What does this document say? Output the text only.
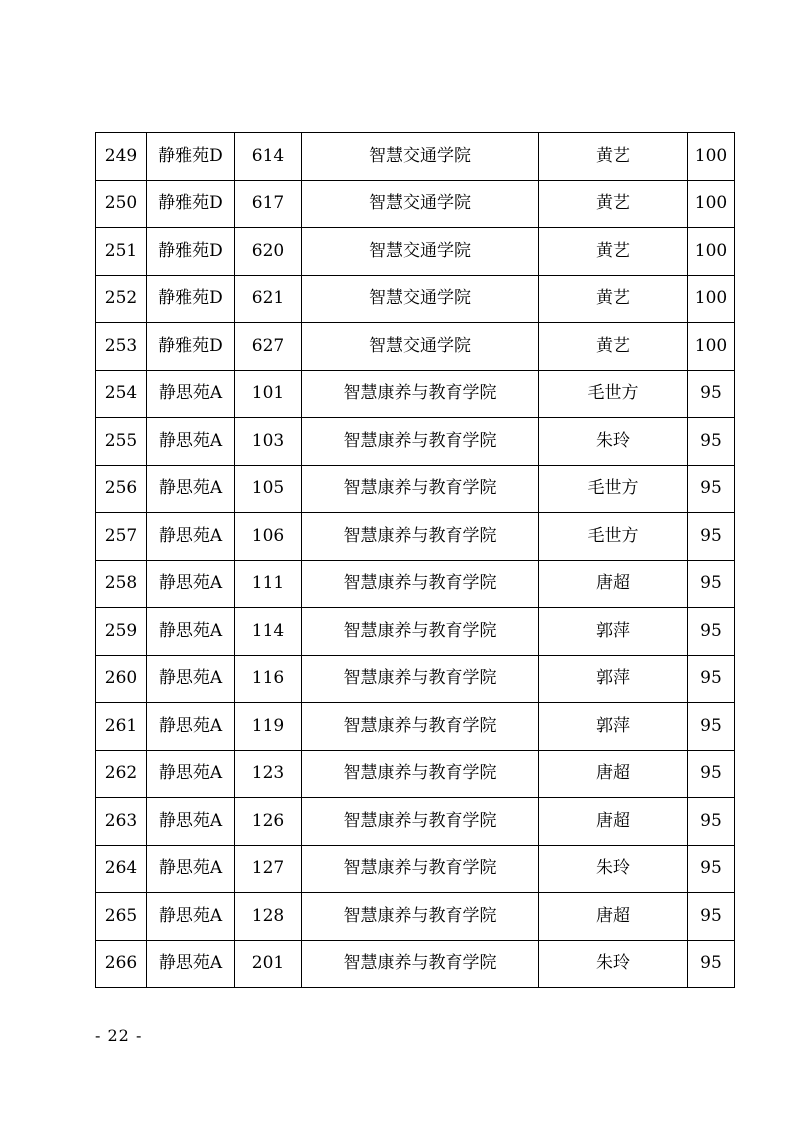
249	静雅苑D	614	智慧交通学院	黄艺	100
250	静雅苑D	617	智慧交通学院	黄艺	100
251	静雅苑D	620	智慧交通学院	黄艺	100
252	静雅苑D	621	智慧交通学院	黄艺	100
253	静雅苑D	627	智慧交通学院	黄艺	100
254	静思苑A	101	智慧康养与教育学院	毛世方	95
255	静思苑A	103	智慧康养与教育学院	朱玲	95
256	静思苑A	105	智慧康养与教育学院	毛世方	95
257	静思苑A	106	智慧康养与教育学院	毛世方	95
258	静思苑A	111	智慧康养与教育学院	唐超	95
259	静思苑A	114	智慧康养与教育学院	郭萍	95
260	静思苑A	116	智慧康养与教育学院	郭萍	95
261	静思苑A	119	智慧康养与教育学院	郭萍	95
262	静思苑A	123	智慧康养与教育学院	唐超	95
263	静思苑A	126	智慧康养与教育学院	唐超	95
264	静思苑A	127	智慧康养与教育学院	朱玲	95
265	静思苑A	128	智慧康养与教育学院	唐超	95
266	静思苑A	201	智慧康养与教育学院	朱玲	95
- 22 -
